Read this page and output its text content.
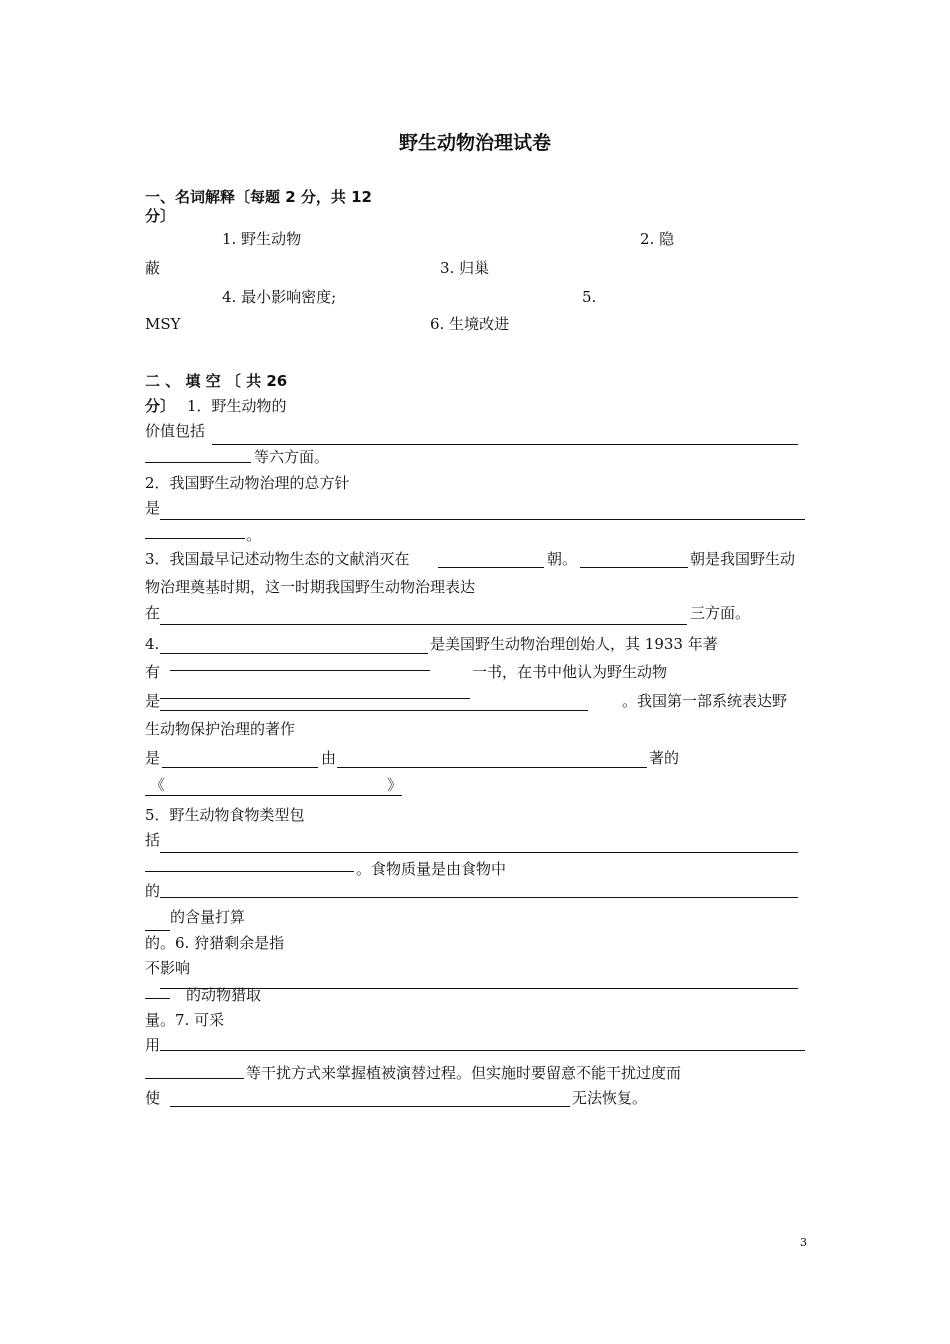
野生动物治理试卷
一、名词解释〔每题 2 分，共 12
分〕
1. 野生动物	2. 隐
蔽	3. 归巢
4. 最小影响密度;	5.
MSY	6. 生境改进
二 、 填 空 〔 共 26
分〕 1．野生动物的
价值包括
等六方面。
2．我国野生动物治理的总方针
是
。
3．我国最早记述动物生态的文献消灭在	朝。	朝是我国野生动
物治理奠基时期，这一时期我国野生动物治理表达
在	三方面。
4.	是美国野生动物治理创始人，其 1933 年著
有	一书，在书中他认为野生动物
是	。我国第一部系统表达野
生动物保护治理的著作
是	由	著的
《	》
5．野生动物食物类型包
括
。食物质量是由食物中
的
的含量打算
的。6. 狩猎剩余是指
不影响
的动物猎取
量。7. 可采
用
等干扰方式来掌握植被演替过程。但实施时要留意不能干扰过度而
使	无法恢复。
3
